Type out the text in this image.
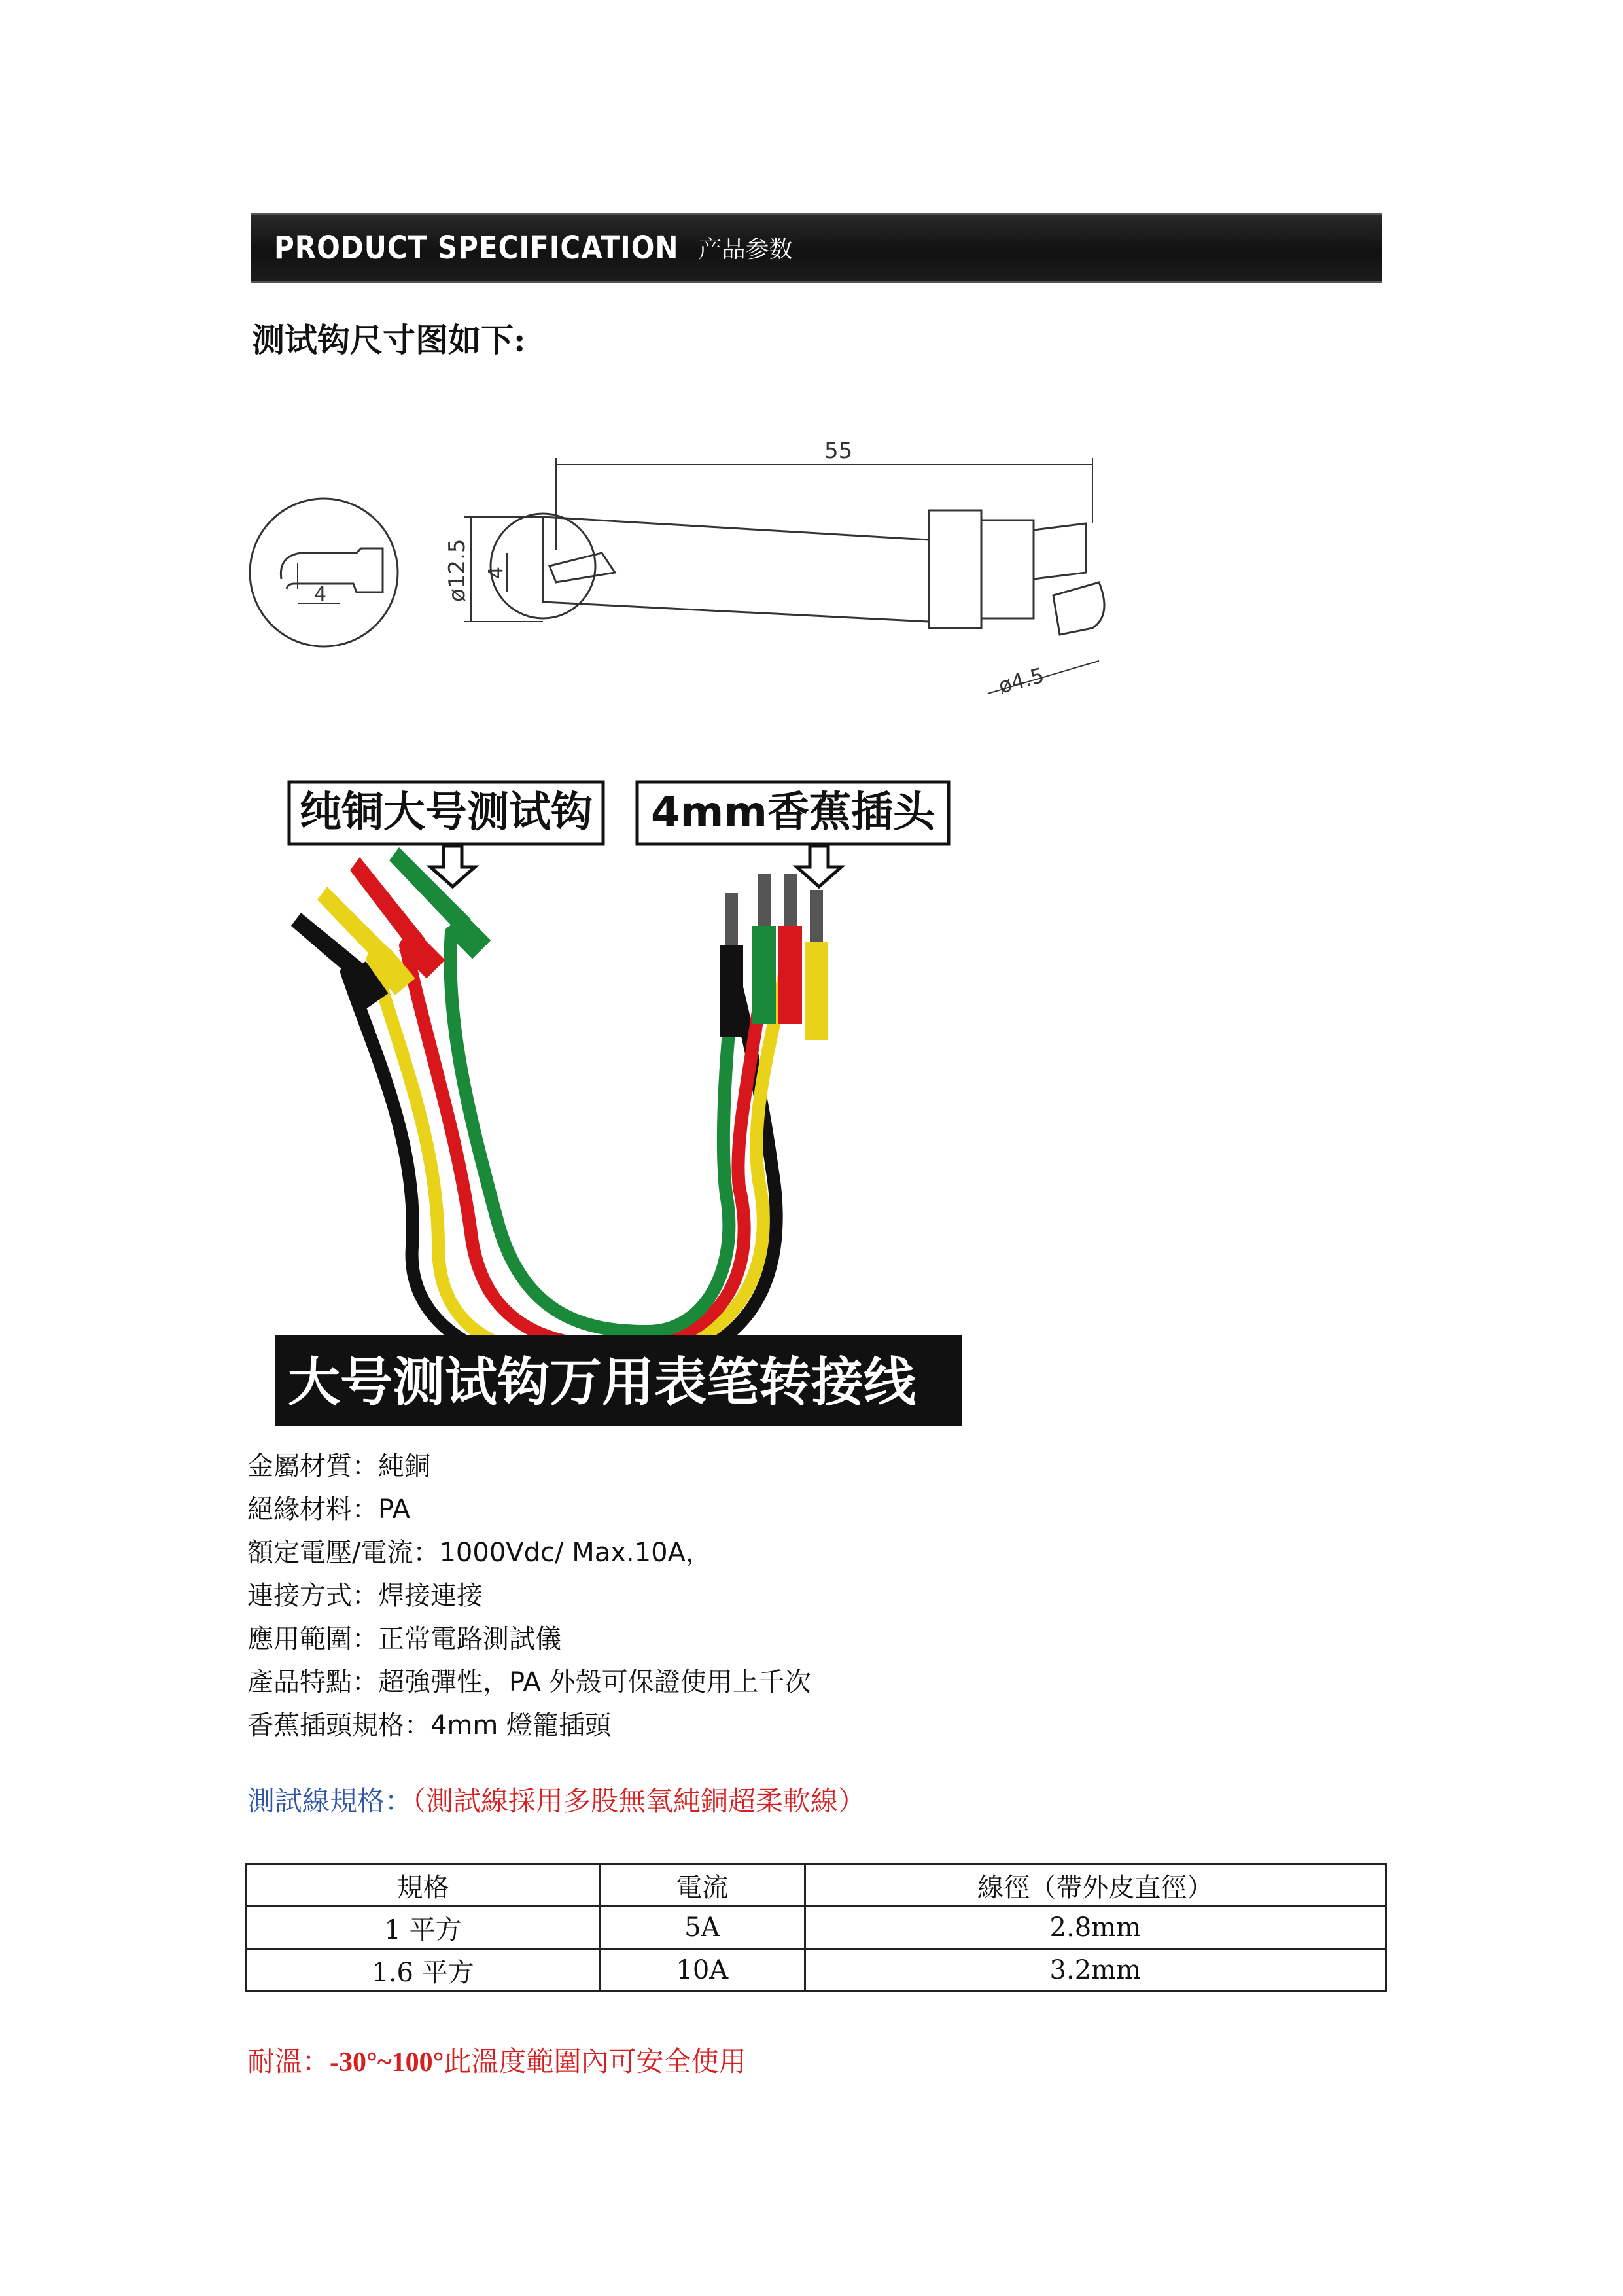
PRODUCT SPECIFICATION 产品参数
测试钩尺寸图如下:
55
ø12.5 4
4
ø4.5
纯铜大号测试钩 4mm香蕉插头
大号测试钩万用表笔转接线
金屬材質：純銅
絕緣材料：PA
額定電壓/電流：1000Vdc/ Max.10A，
連接方式：焊接連接
應用範圍：正常電路測試儀
產品特點：超強彈性，PA 外殼可保證使用上千次
香蕉插頭規格：4mm 燈籠插頭
測試線規格：（測試線採用多股無氧純銅超柔軟線）
規格	電流	線徑（帶外皮直徑）
1 平方	5A	2.8mm
1.6 平方	10A	3.2mm
耐溫：-30°~100°此溫度範圍內可安全使用
